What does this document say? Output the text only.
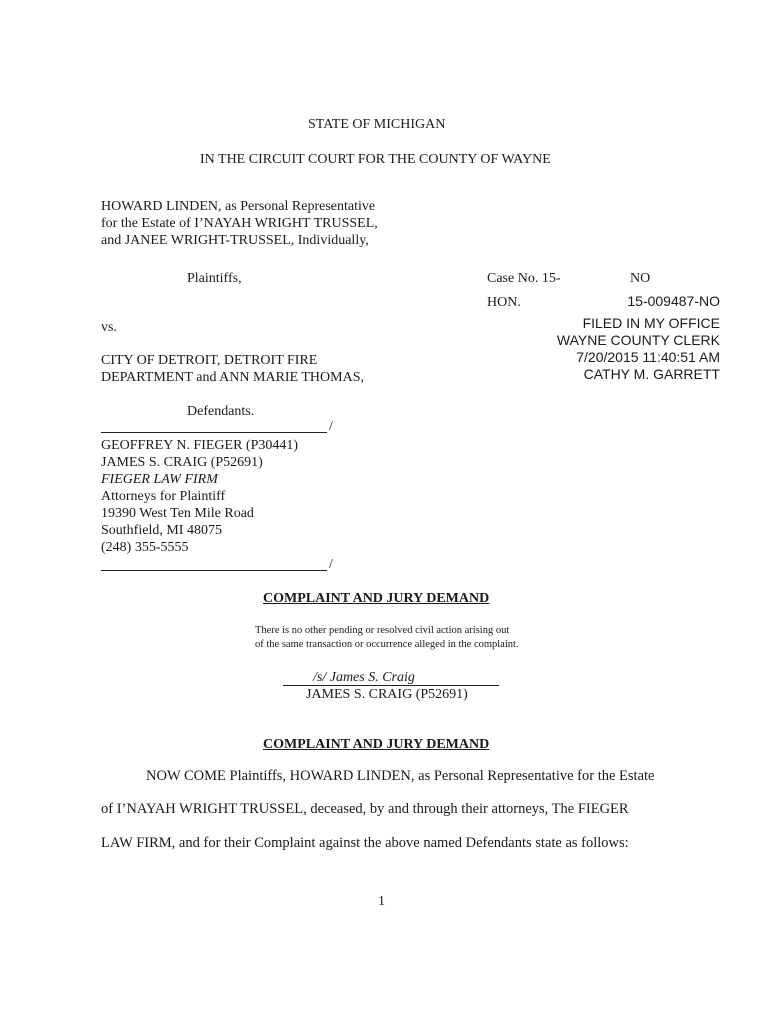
STATE OF MICHIGAN
IN THE CIRCUIT COURT FOR THE COUNTY OF WAYNE
HOWARD LINDEN, as Personal Representative
for the Estate of I’NAYAH WRIGHT TRUSSEL,
and JANEE WRIGHT-TRUSSEL, Individually,
Plaintiffs,	Case No. 15-	NO
HON.	15-009487-NO
vs.	FILED IN MY OFFICE
WAYNE COUNTY CLERK
7/20/2015 11:40:51 AM
CATHY M. GARRETT
CITY OF DETROIT, DETROIT FIRE
DEPARTMENT and ANN MARIE THOMAS,
Defendants.
/
GEOFFREY N. FIEGER (P30441)
JAMES S. CRAIG (P52691)
FIEGER LAW FIRM
Attorneys for Plaintiff
19390 West Ten Mile Road
Southfield, MI 48075
(248) 355-5555
/
COMPLAINT AND JURY DEMAND
There is no other pending or resolved civil action arising out
of the same transaction or occurrence alleged in the complaint.
/s/ James S. Craig
JAMES S. CRAIG (P52691)
COMPLAINT AND JURY DEMAND
NOW COME Plaintiffs, HOWARD LINDEN, as Personal Representative for the Estate
of I’NAYAH WRIGHT TRUSSEL, deceased, by and through their attorneys, The FIEGER
LAW FIRM, and for their Complaint against the above named Defendants state as follows:
1
